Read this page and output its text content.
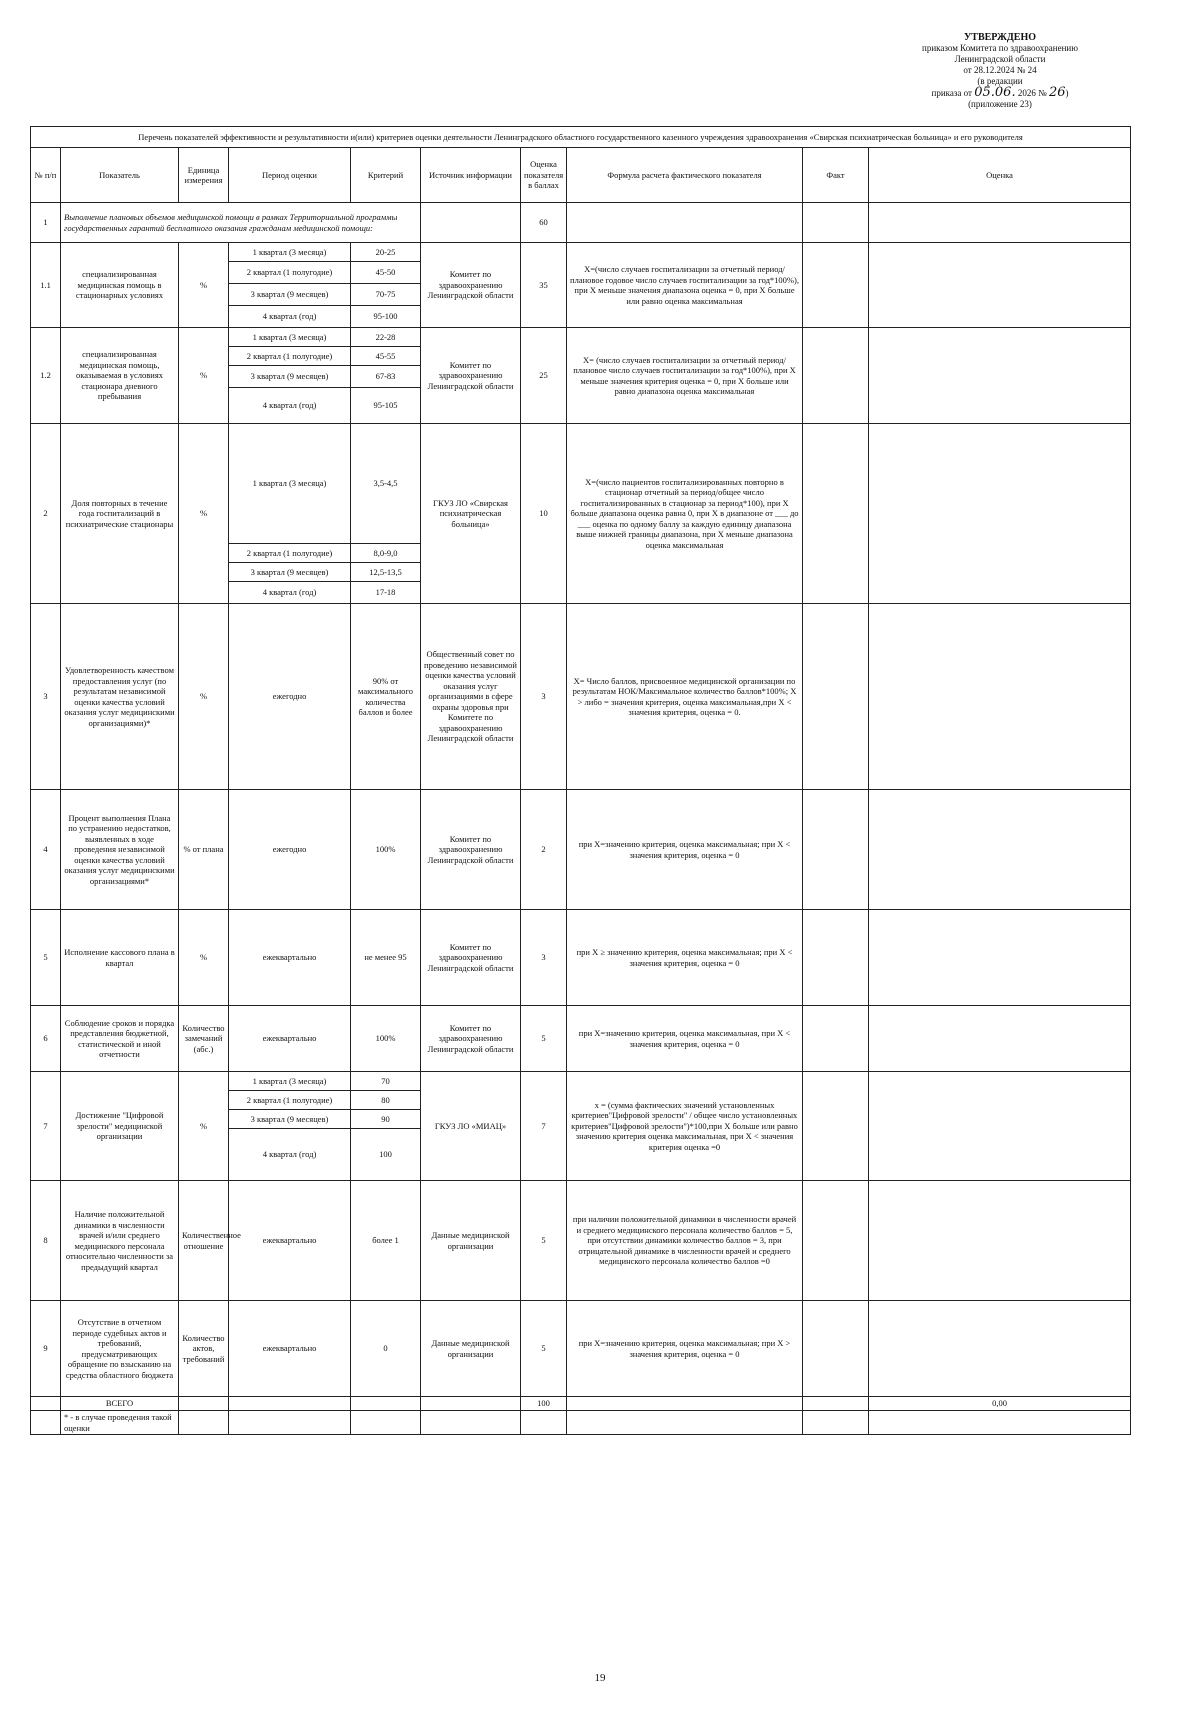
УТВЕРЖДЕНО
приказом Комитета по здравоохранению
Ленинградской области
от 28.12.2024 № 24
(в редакции
приказа от 05.06. 2026 № 26)
(приложение 23)
Перечень показателей эффективности и результативности и(или) критериев оценки деятельности Ленинградского областного государственного казенного учреждения здравоохранения «Свирская психиатрическая больница» и его руководителя									
№ п/п	Показатель	Единица измерения	Период оценки	Критерий	Источник информации	Оценка показателя в баллах	Формула расчета фактического показателя	Факт	Оценка
1	Выполнение плановых объемов медицинской помощи в рамках Территориальной программы государственных гарантий бесплатного оказания гражданам медицинской помощи:					60			
1.1	специализированная медицинская помощь в стационарных условиях	%	1 квартал (3 месяца)	20-25	Комитет по здравоохранению Ленинградской области	35	X=(число случаев госпитализации за отчетный период/ плановое годовое число случаев госпитализации за год*100%), при X меньше значения диапазона оценка = 0, при X больше или равно оценка максимальная		
			2 квартал (1 полугодие)	45-50					
			3 квартал (9 месяцев)	70-75					
			4 квартал (год)	95-100					
1.2	специализированная медицинская помощь, оказываемая в условиях стационара дневного пребывания	%	1 квартал (3 месяца)	22-28	Комитет по здравоохранению Ленинградской области	25	X= (число случаев госпитализации за отчетный период/ плановое число случаев госпитализации за год*100%), при X меньше значения критерия оценка = 0, при X больше или равно диапазона оценка максимальная		
			2 квартал (1 полугодие)	45-55					
			3 квартал (9 месяцев)	67-83					
			4 квартал (год)	95-105					
2	Доля повторных в течение года госпитализаций в психиатрические стационары	%	1 квартал (3 месяца)	3,5-4,5	ГКУЗ ЛО «Свирская психиатрическая больница»	10	X=(число пациентов госпитализированных повторно в стационар отчетный за период/общее число госпитализированных в стационар за период*100), при X больше диапазона оценка равна 0, при X в диапазоне от ___ до ___ оценка по одному баллу за каждую единицу диапазона выше нижней границы диапазона, при X меньше диапазона оценка максимальная		
			2 квартал (1 полугодие)	8,0-9,0					
			3 квартал (9 месяцев)	12,5-13,5					
			4 квартал (год)	17-18					
3	Удовлетворенность качеством предоставления услуг (по результатам независимой оценки качества условий оказания услуг медицинскими организациями)*	%	ежегодно	90% от максимального количества баллов и более	Общественный совет по проведению независимой оценки качества условий оказания услуг организациями в сфере охраны здоровья при Комитете по здравоохранению Ленинградской области	3	X= Число баллов, присвоенное медицинской организации по результатам НОК/Максимальное количество баллов*100%; X > либо = значения критерия, оценка максимальная,при X < значения критерия, оценка = 0.		
4	Процент выполнения Плана по устранению недостатков, выявленных в ходе проведения независимой оценки качества условий оказания услуг медицинскими организациями*	% от плана	ежегодно	100%	Комитет по здравоохранению Ленинградской области	2	при X=значению критерия, оценка максимальная; при X < значения критерия, оценка = 0		
5	Исполнение кассового плана в квартал	%	ежеквартально	не менее 95	Комитет по здравоохранению Ленинградской области	3	при X ≥ значению критерия, оценка максимальная; при X < значения критерия, оценка = 0		
6	Соблюдение сроков и порядка представления бюджетной, статистической и иной отчетности	Количество замечаний (абс.)	ежеквартально	100%	Комитет по здравоохранению Ленинградской области	5	при X=значению критерия, оценка максимальная, при X < значения критерия, оценка = 0		
7	Достижение "Цифровой зрелости" медицинской организации	%	1 квартал (3 месяца)	70	ГКУЗ ЛО «МИАЦ»	7	x = (сумма фактических значений установленных критериев"Цифровой зрелости" / общее число установленных критериев"Цифровой зрелости")*100,при X больше или равно значению критерия оценка максимальная, при X < значения критерия оценка =0		
			2 квартал (1 полугодие)	80					
			3 квартал (9 месяцев)	90					
			4 квартал (год)	100					
8	Наличие положительной динамики в численности врачей и/или среднего медицинского персонала относительно численности за предыдущий квартал	Количественное отношение	ежеквартально	более 1	Данные медицинской организации	5	при наличии положительной динамики в численности врачей и среднего медицинского персонала количество баллов = 5, при отсутствии динамики количество баллов = 3, при отрицательной динамике в численности врачей и среднего медицинского персонала количество баллов =0		
9	Отсутствие в отчетном периоде судебных актов и требований, предусматривающих обращение по взысканию на средства областного бюджета	Количество актов, требований	ежеквартально	0	Данные медицинской организации	5	при X=значению критерия, оценка максимальная; при X > значения критерия, оценка = 0		
	ВСЕГО					100			0,00
	* - в случае проведения такой оценки								
19
